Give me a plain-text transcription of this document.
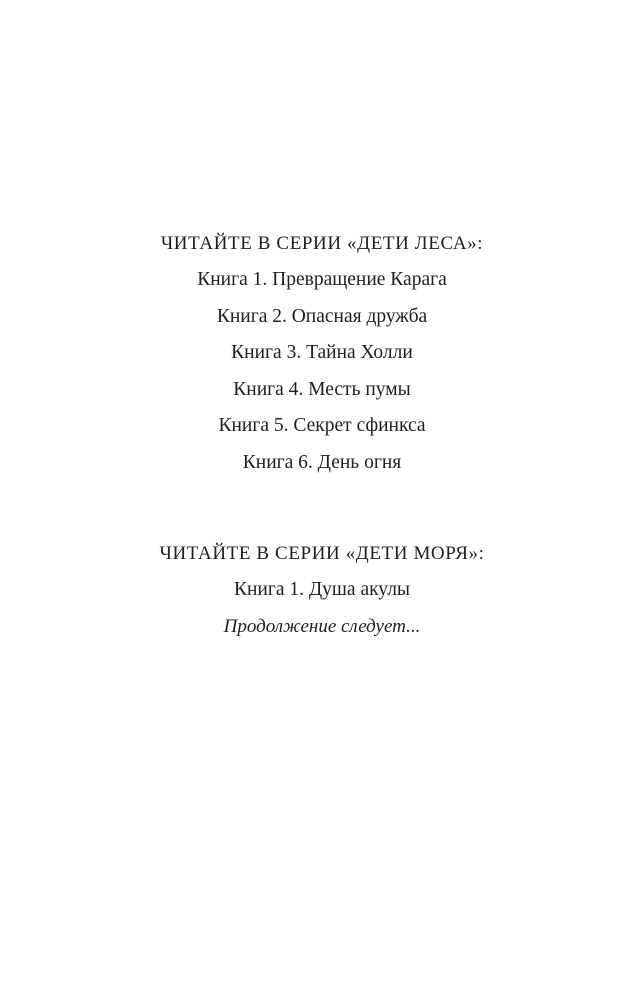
ЧИТАЙТЕ В СЕРИИ «ДЕТИ ЛЕСА»:
Книга 1. Превращение Карага
Книга 2. Опасная дружба
Книга 3. Тайна Холли
Книга 4. Месть пумы
Книга 5. Секрет сфинкса
Книга 6. День огня
ЧИТАЙТЕ В СЕРИИ «ДЕТИ МОРЯ»:
Книга 1. Душа акулы
Продолжение следует...
